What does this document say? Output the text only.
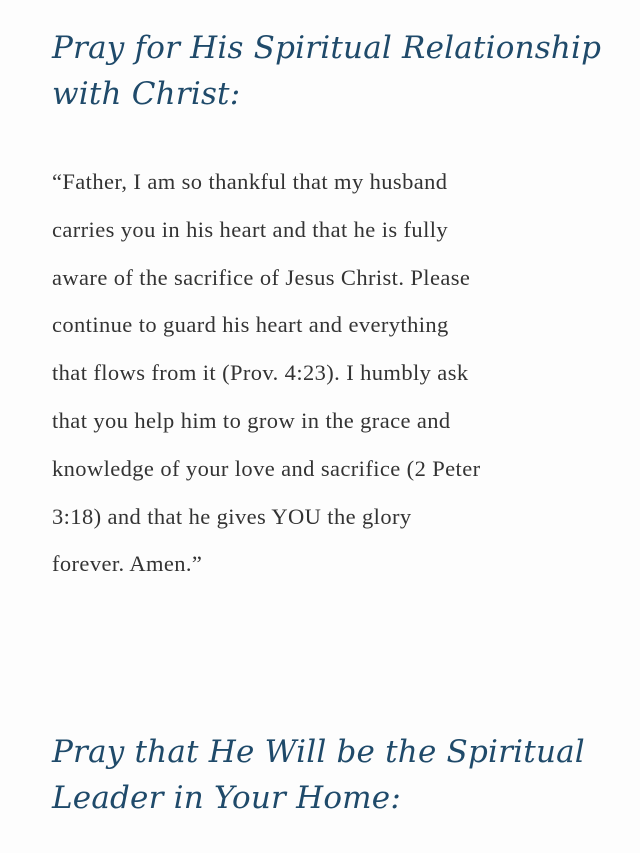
Pray for His Spiritual Relationship
with Christ:

“Father, I am so thankful that my husband
carries you in his heart and that he is fully
aware of the sacrifice of Jesus Christ. Please
continue to guard his heart and everything
that flows from it (Prov. 4:23). I humbly ask
that you help him to grow in the grace and
knowledge of your love and sacrifice (2 Peter
3:18) and that he gives YOU the glory
forever. Amen.”

Pray that He Will be the Spiritual
Leader in Your Home:
